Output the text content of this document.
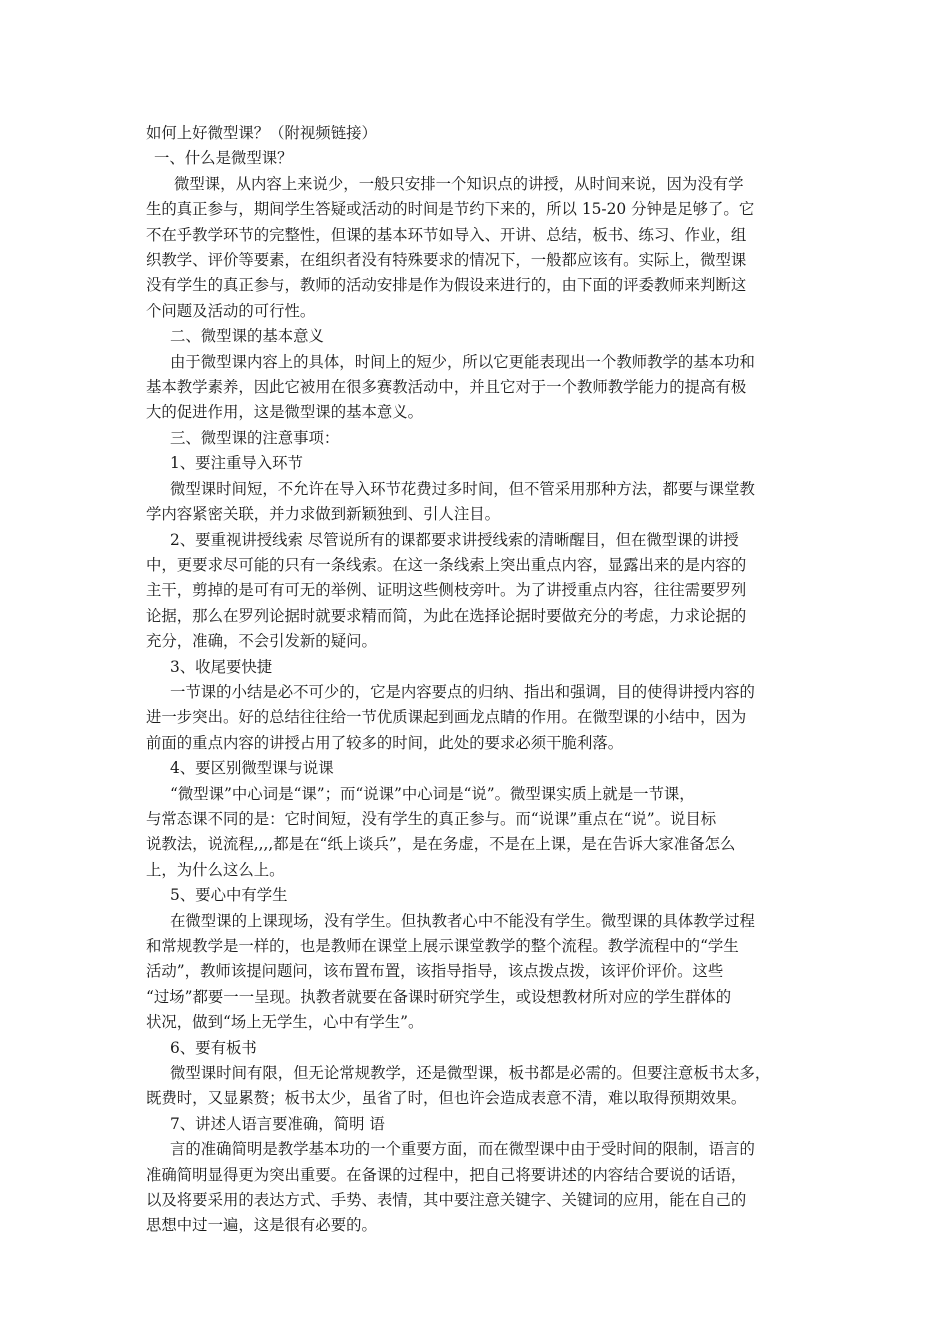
如何上好微型课？（附视频链接）

一、什么是微型课？

微型课，从内容上来说少，一般只安排一个知识点的讲授，从时间来说，因为没有学

生的真正参与，期间学生答疑或活动的时间是节约下来的，所以 15-20 分钟是足够了。它

不在乎教学环节的完整性，但课的基本环节如导入、开讲、总结，板书、练习、作业，组

织教学、评价等要素，在组织者没有特殊要求的情况下，一般都应该有。实际上，微型课

没有学生的真正参与，教师的活动安排是作为假设来进行的，由下面的评委教师来判断这

个问题及活动的可行性。

二、微型课的基本意义

由于微型课内容上的具体，时间上的短少，所以它更能表现出一个教师教学的基本功和

基本教学素养，因此它被用在很多赛教活动中，并且它对于一个教师教学能力的提高有极

大的促进作用，这是微型课的基本意义。

三、微型课的注意事项：

1、要注重导入环节

微型课时间短，不允许在导入环节花费过多时间，但不管采用那种方法，都要与课堂教

学内容紧密关联，并力求做到新颖独到、引人注目。

2、要重视讲授线索 尽管说所有的课都要求讲授线索的清晰醒目，但在微型课的讲授

中，更要求尽可能的只有一条线索。在这一条线索上突出重点内容，显露出来的是内容的

主干，剪掉的是可有可无的举例、证明这些侧枝旁叶。为了讲授重点内容，往往需要罗列

论据，那么在罗列论据时就要求精而简，为此在选择论据时要做充分的考虑，力求论据的

充分，准确，不会引发新的疑问。

3、收尾要快捷

一节课的小结是必不可少的，它是内容要点的归纳、指出和强调，目的使得讲授内容的

进一步突出。好的总结往往给一节优质课起到画龙点睛的作用。在微型课的小结中，因为

前面的重点内容的讲授占用了较多的时间，此处的要求必须干脆利落。

4、要区别微型课与说课

“微型课”中心词是“课”；而“说课”中心词是“说”。微型课实质上就是一节课，

与常态课不同的是：它时间短，没有学生的真正参与。而“说课”重点在“说”。说目标

说教法，说流程,,,,都是在“纸上谈兵”，是在务虚，不是在上课，是在告诉大家准备怎么

上，为什么这么上。

5、要心中有学生

在微型课的上课现场，没有学生。但执教者心中不能没有学生。微型课的具体教学过程

和常规教学是一样的，也是教师在课堂上展示课堂教学的整个流程。教学流程中的“学生

活动”，教师该提问题问，该布置布置，该指导指导，该点拨点拨，该评价评价。这些

“过场”都要一一呈现。执教者就要在备课时研究学生，或设想教材所对应的学生群体的

状况，做到“场上无学生，心中有学生”。

6、要有板书

微型课时间有限，但无论常规教学，还是微型课，板书都是必需的。但要注意板书太多，

既费时，又显累赘；板书太少，虽省了时，但也许会造成表意不清，难以取得预期效果。

7、讲述人语言要准确，简明 语

言的准确简明是教学基本功的一个重要方面，而在微型课中由于受时间的限制，语言的

准确简明显得更为突出重要。在备课的过程中，把自己将要讲述的内容结合要说的话语，

以及将要采用的表达方式、手势、表情，其中要注意关键字、关键词的应用，能在自己的

思想中过一遍，这是很有必要的。
